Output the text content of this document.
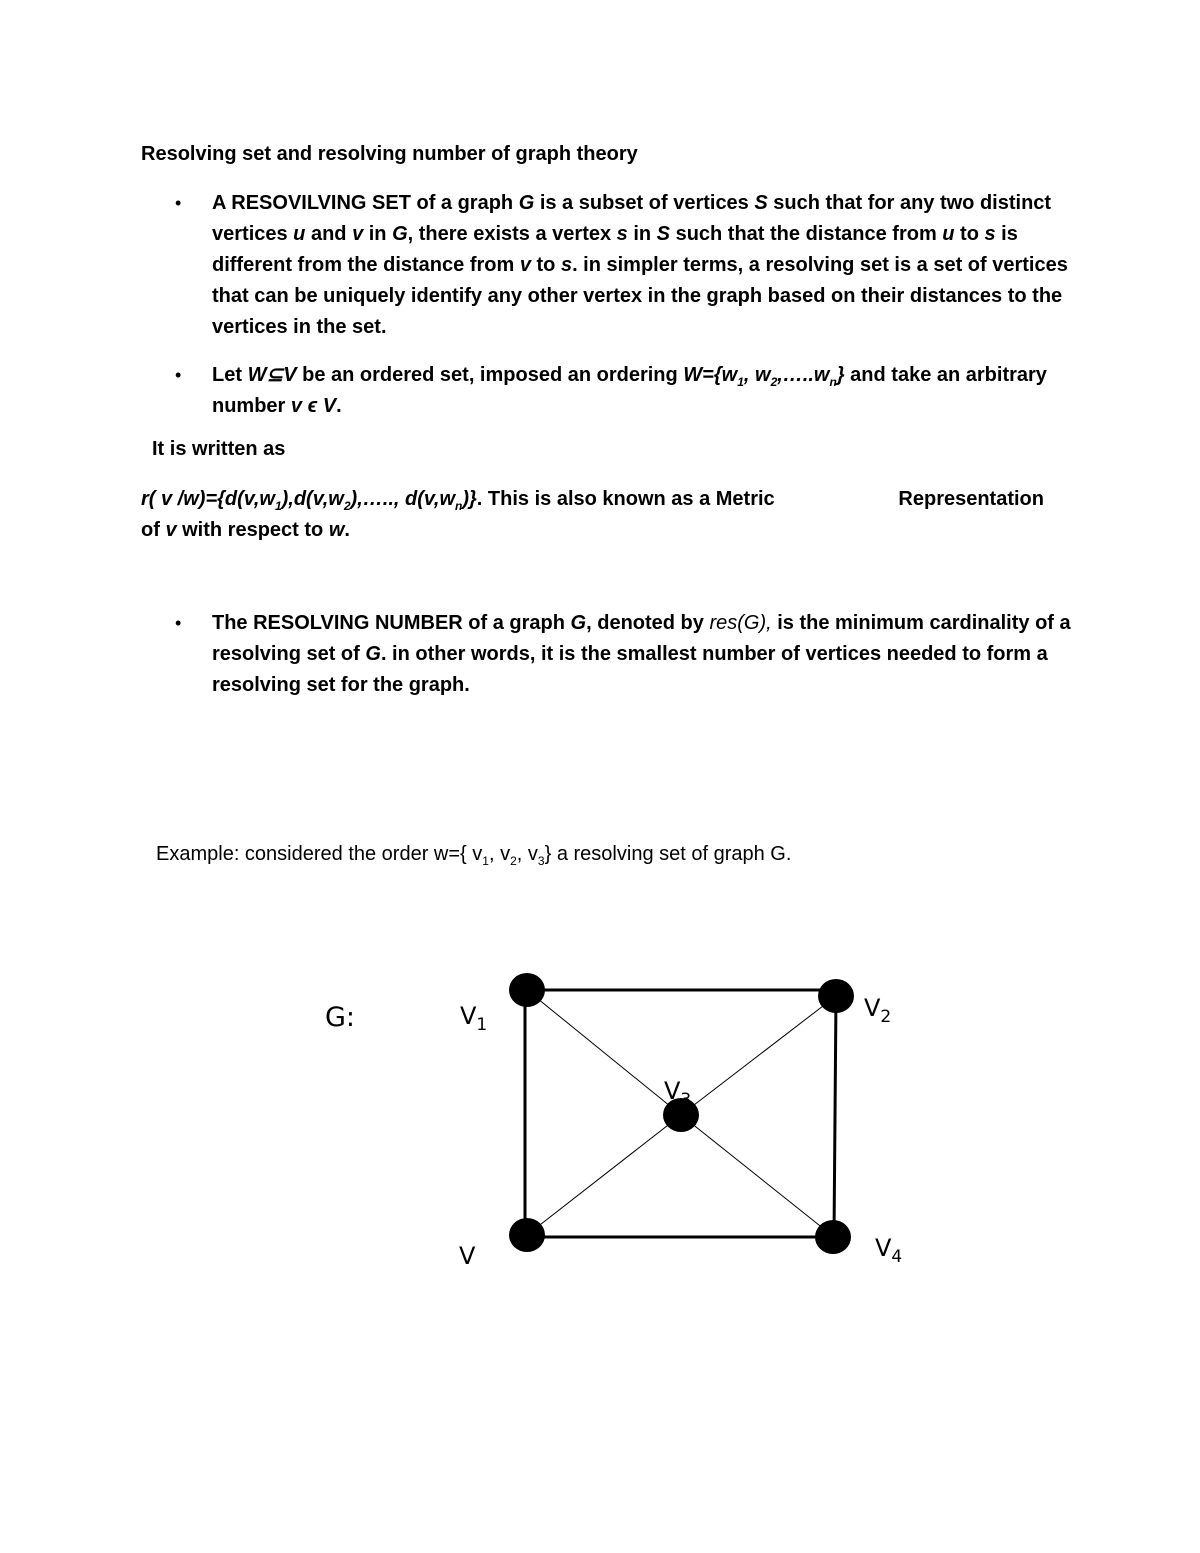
Resolving set and resolving number of graph theory
• A RESOVILVING SET of a graph G is a subset of vertices S such that for any two distinct vertices u and v in G, there exists a vertex s in S such that the distance from u to s is different from the distance from v to s. in simpler terms, a resolving set is a set of vertices that can be uniquely identify any other vertex in the graph based on their distances to the vertices in the set.
• Let W⊆V be an ordered set, imposed an ordering $W=\{w_1$, $w_2,\dots..w_n$} and take an arbitrary number v ϵ V.

It is written as

r( v $/w)=\{d(v,w_1),d(v,w_2),\dots$.., $d(v,w_n)$}. This is also known as a Metric	Representation

of v with respect to w.

• The RESOLVING NUMBER of a graph G, denoted by res(G), is the minimum cardinality of a resolving set of G. in other words, it is the smallest number of vertices needed to form a resolving set for the graph.

Example: considered the order w={ $v_1$, $v_2$, $v_3$} a resolving set of graph G.

G:	$V_1$
$V_2$
$V_3$
V	$V_4$
